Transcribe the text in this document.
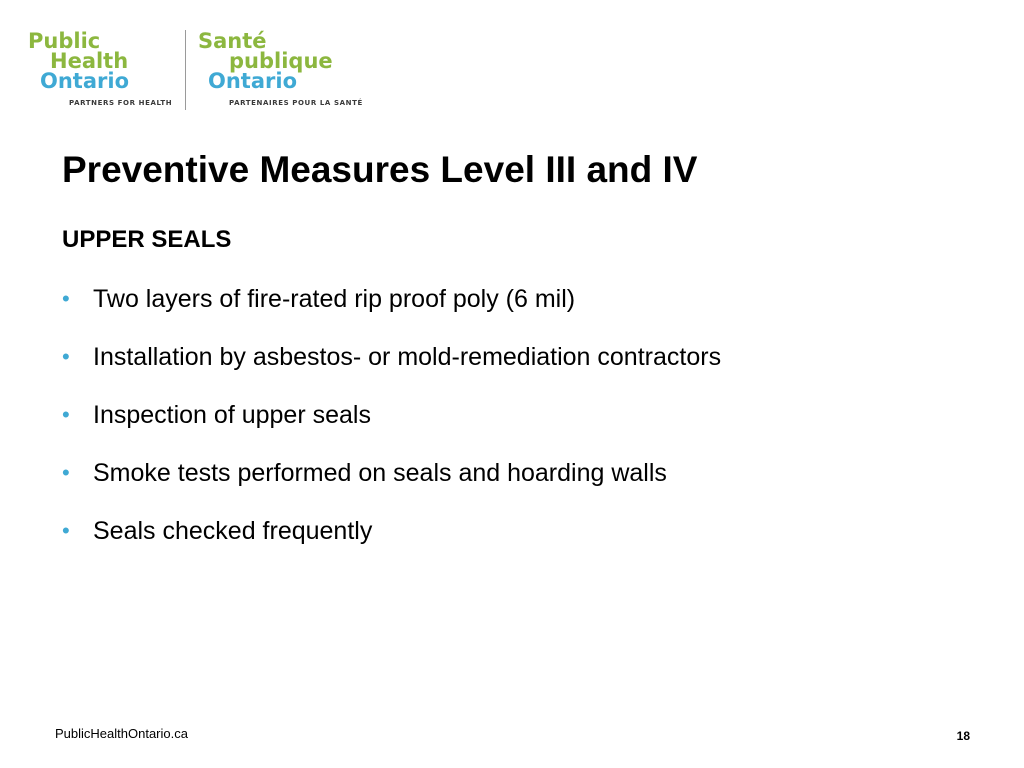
Public
Health
Ontario
PARTNERS FOR HEALTH
Santé
publique
Ontario
PARTENAIRES POUR LA SANTÉ
Preventive Measures Level III and IV
UPPER SEALS
• Two layers of fire-rated rip proof poly (6 mil)
• Installation by asbestos- or mold-remediation contractors
• Inspection of upper seals
• Smoke tests performed on seals and hoarding walls
• Seals checked frequently
PublicHealthOntario.ca	18
